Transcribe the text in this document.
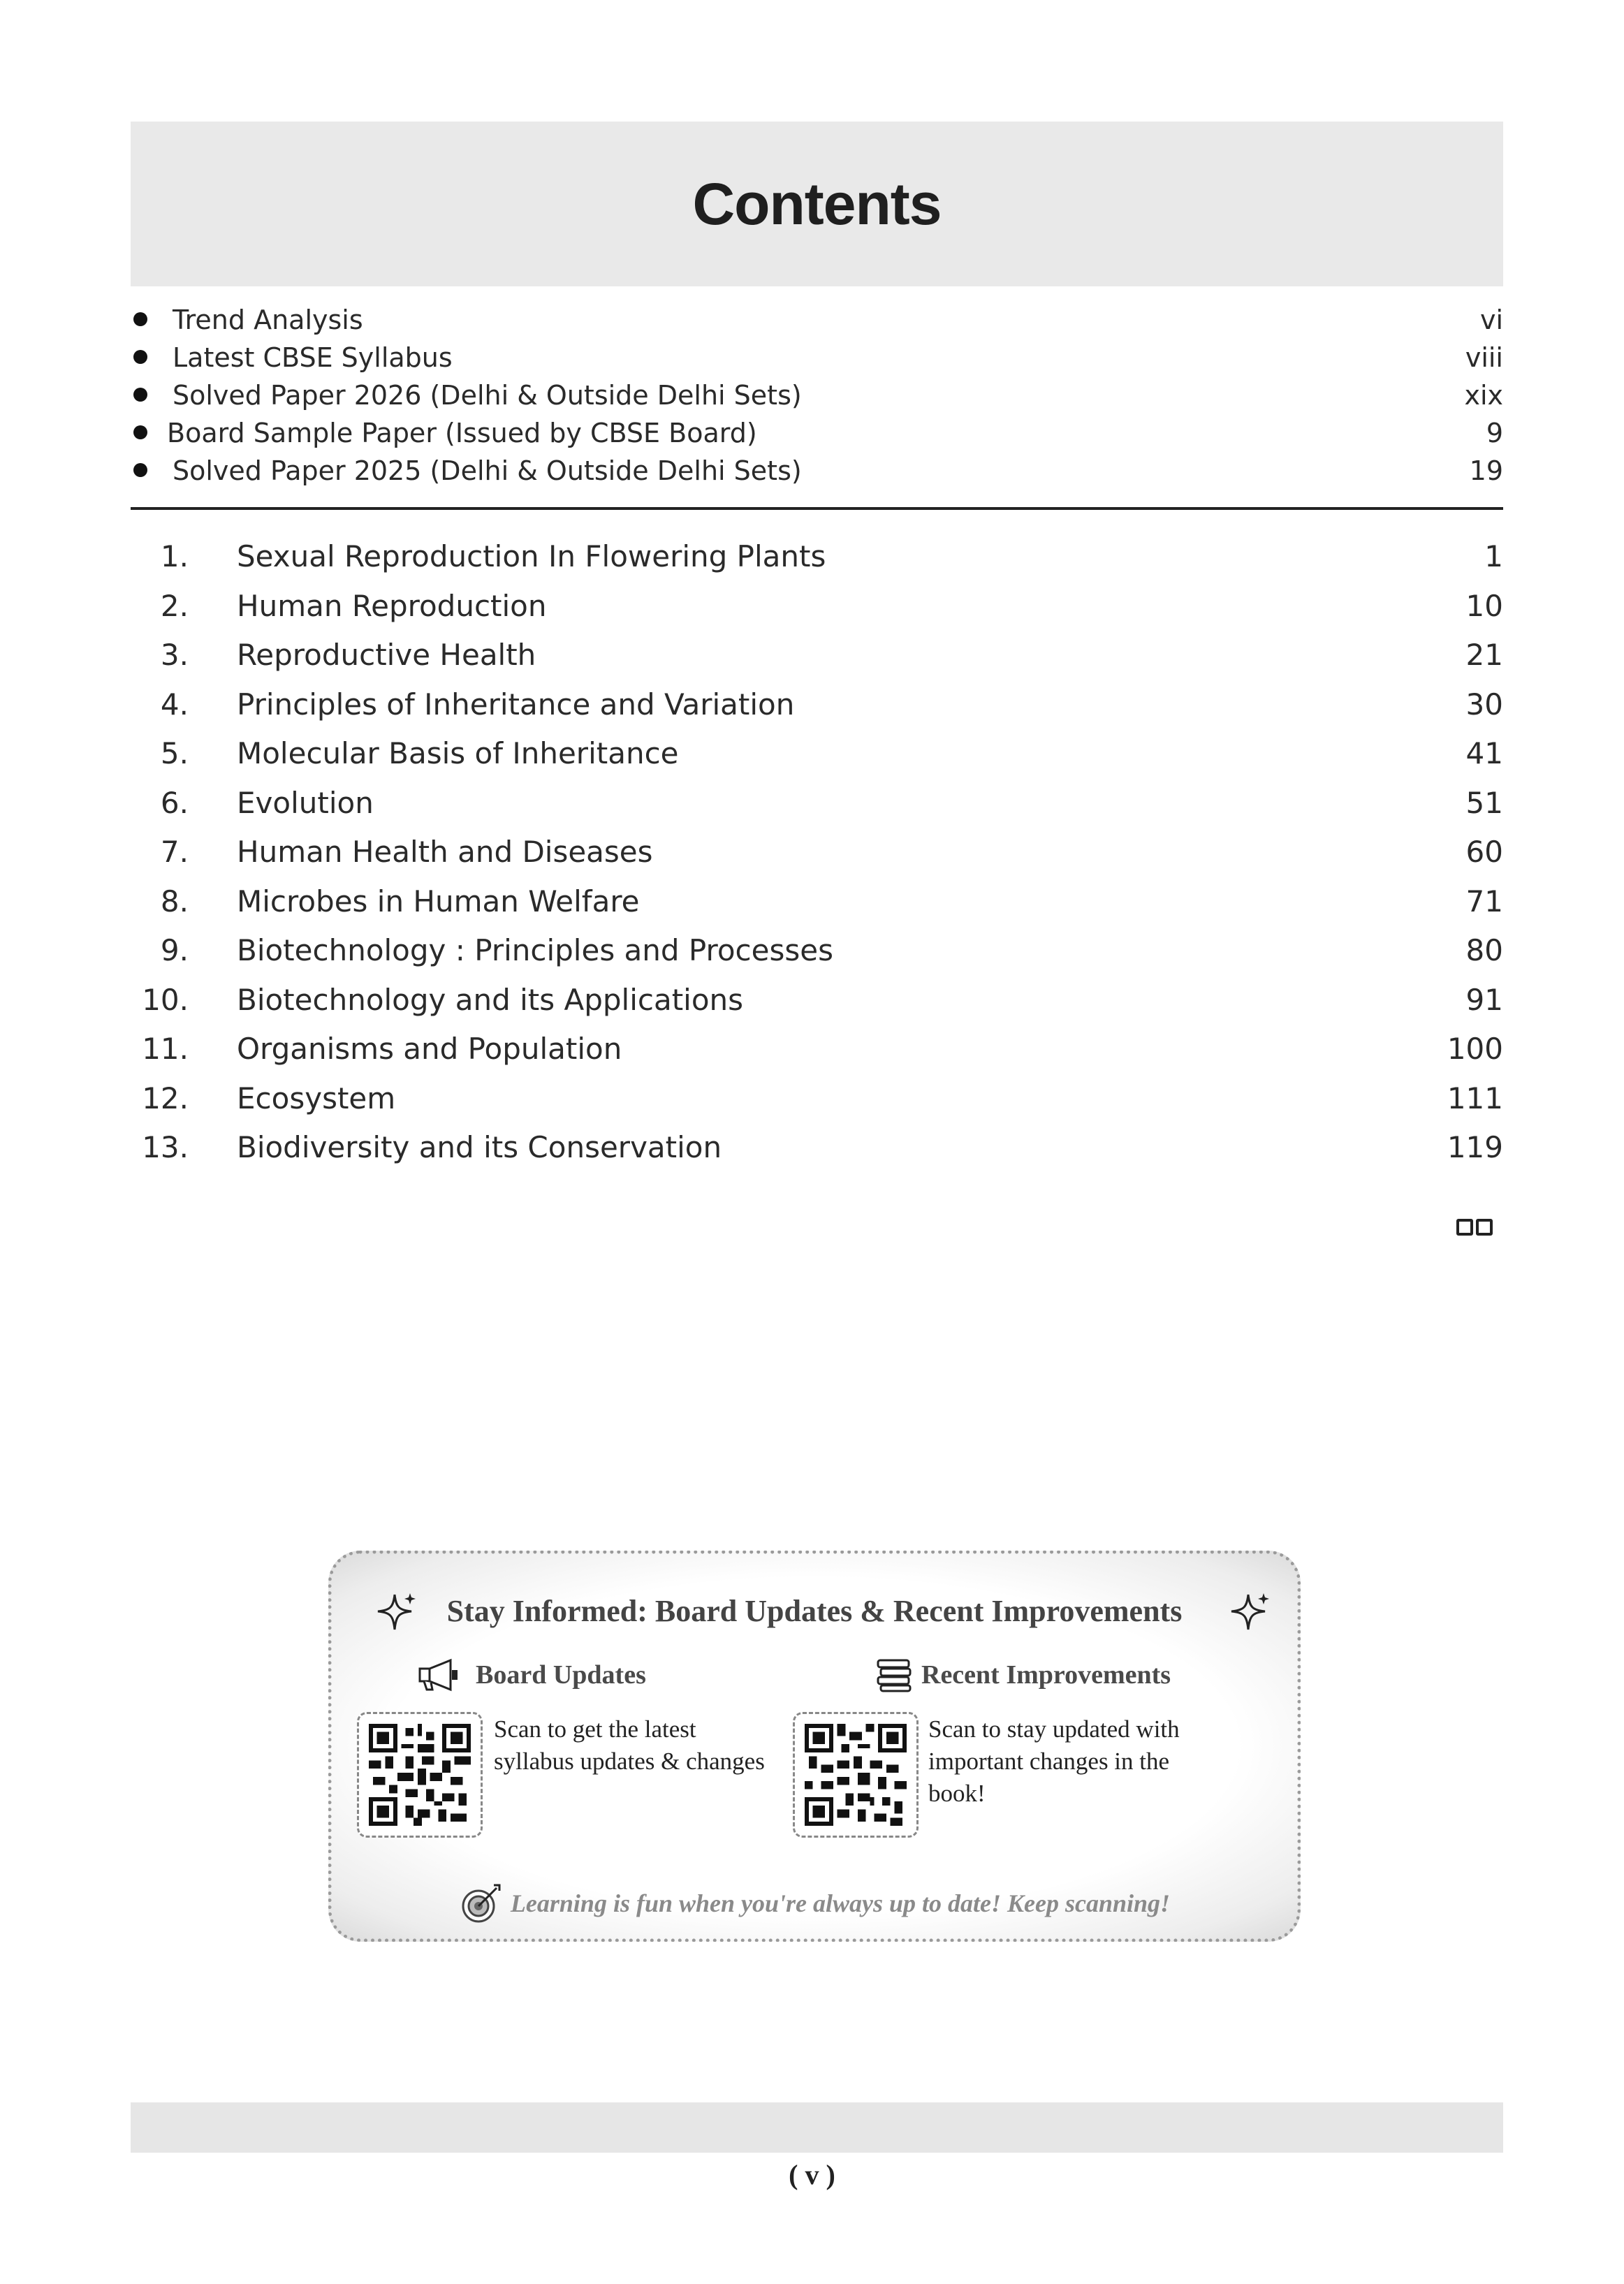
Contents
Trend Analysis	vi
Latest CBSE Syllabus	viii
Solved Paper 2026 (Delhi & Outside Delhi Sets)	xix
Board Sample Paper (Issued by CBSE Board)	9
Solved Paper 2025 (Delhi & Outside Delhi Sets)	19
1. Sexual Reproduction In Flowering Plants	1
2. Human Reproduction	10
3. Reproductive Health	21
4. Principles of Inheritance and Variation	30
5. Molecular Basis of Inheritance	41
6. Evolution	51
7. Human Health and Diseases	60
8. Microbes in Human Welfare	71
9. Biotechnology : Principles and Processes	80
10. Biotechnology and its Applications	91
11. Organisms and Population	100
12. Ecosystem	111
13. Biodiversity and its Conservation	119
Stay Informed: Board Updates & Recent Improvements
Board Updates	Recent Improvements
Scan to get the latest syllabus updates & changes
Scan to stay updated with important changes in the book!
Learning is fun when you're always up to date! Keep scanning!
( v )
